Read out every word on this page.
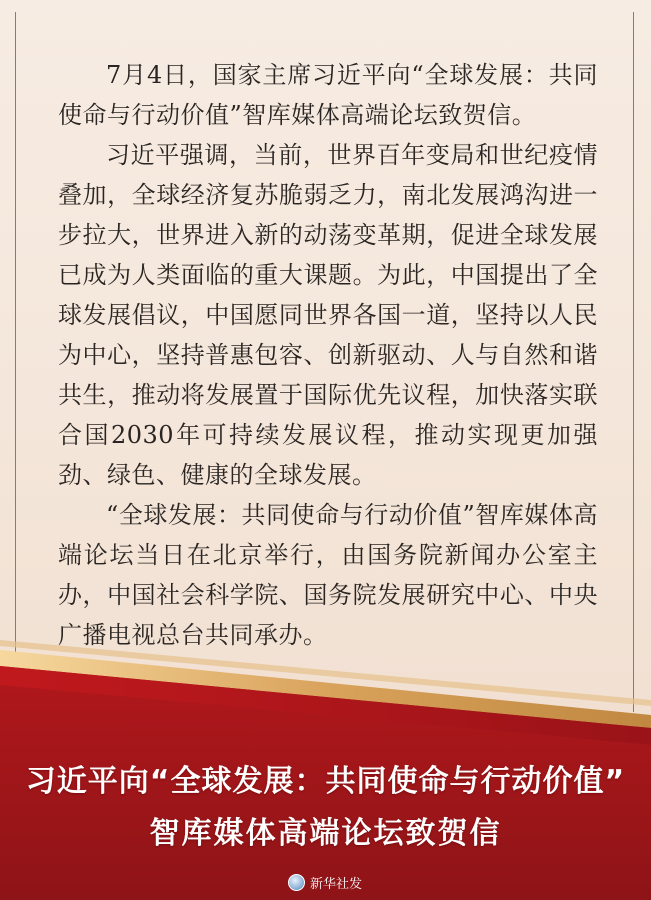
7月4日，国家主席习近平向“全球发展：共同使命与行动价值”智库媒体高端论坛致贺信。

习近平强调，当前，世界百年变局和世纪疫情叠加，全球经济复苏脆弱乏力，南北发展鸿沟进一步拉大，世界进入新的动荡变革期，促进全球发展已成为人类面临的重大课题。为此，中国提出了全球发展倡议，中国愿同世界各国一道，坚持以人民为中心，坚持普惠包容、创新驱动、人与自然和谐共生，推动将发展置于国际优先议程，加快落实联合国2030年可持续发展议程，推动实现更加强劲、绿色、健康的全球发展。

“全球发展：共同使命与行动价值”智库媒体高端论坛当日在北京举行，由国务院新闻办公室主办，中国社会科学院、国务院发展研究中心、中央广播电视总台共同承办。

习近平向“全球发展：共同使命与行动价值”
智库媒体高端论坛致贺信
新华社发
